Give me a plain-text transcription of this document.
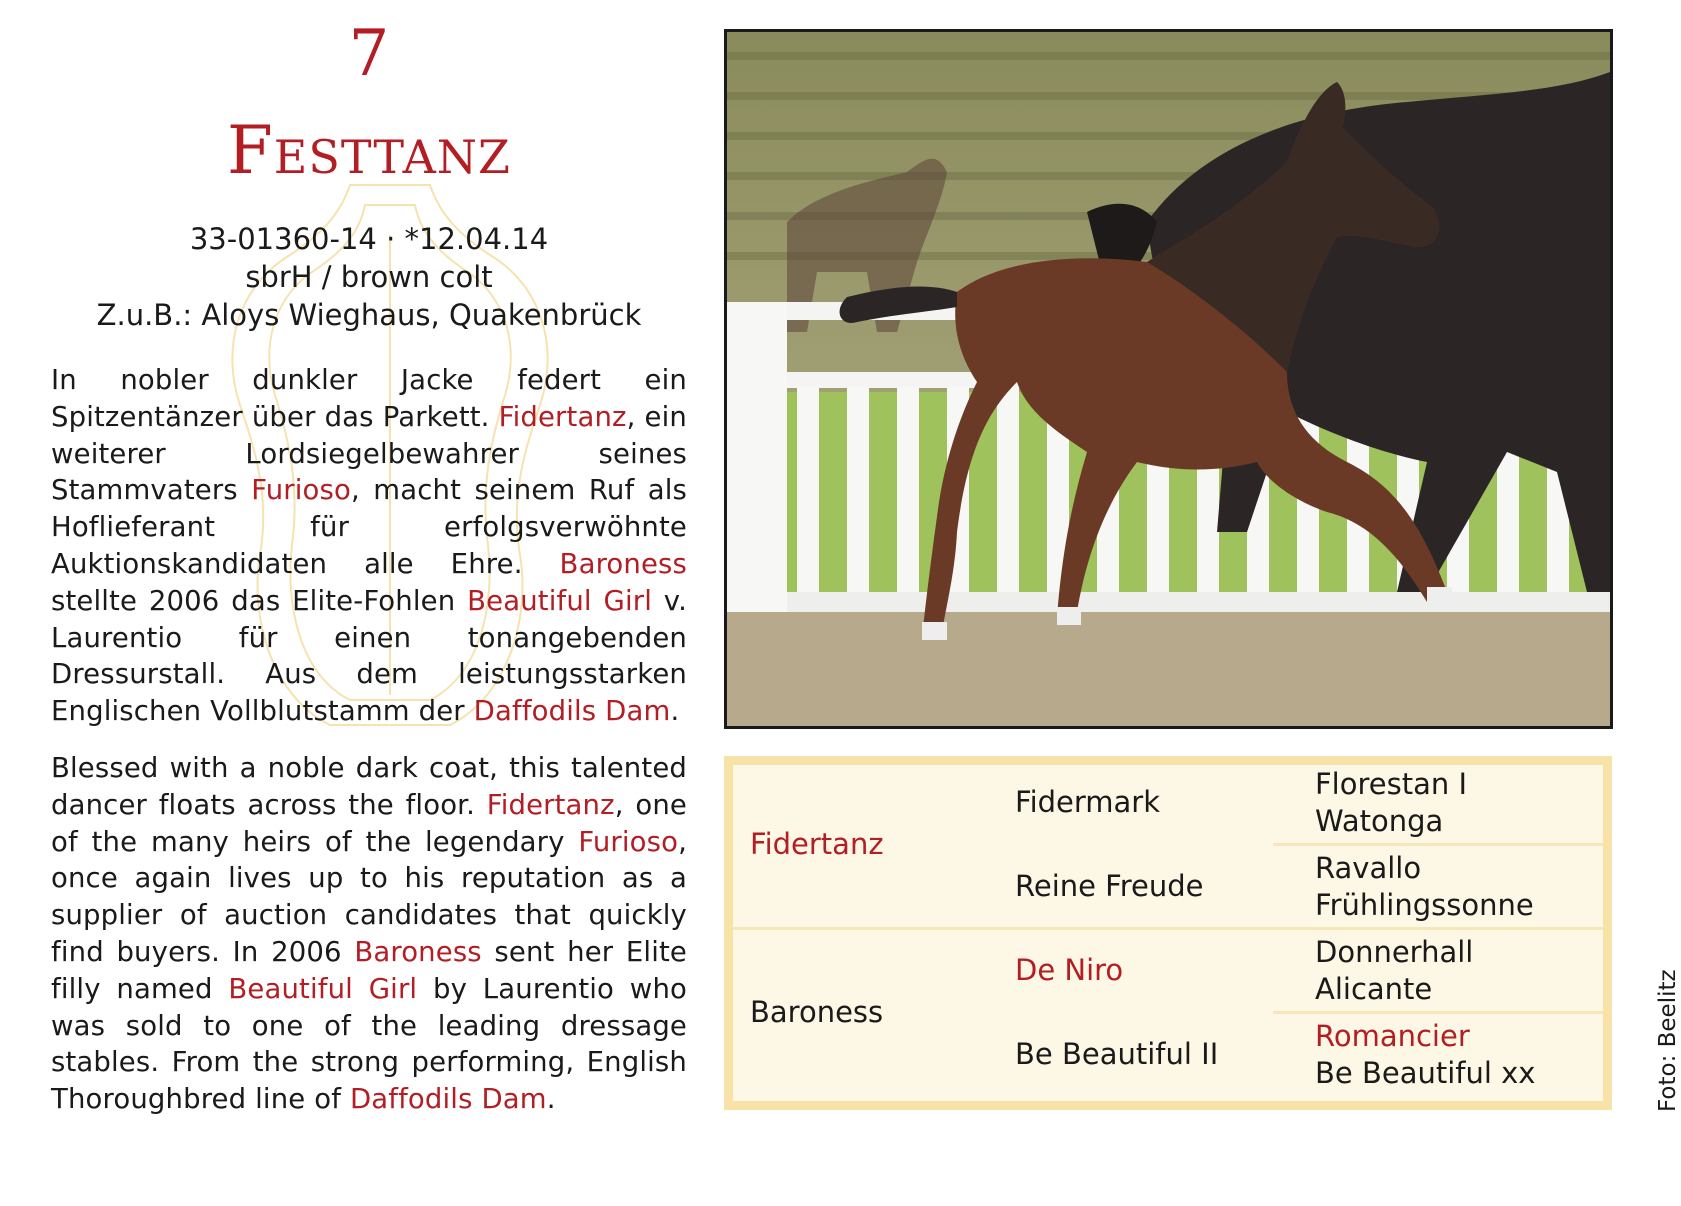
7
Festtanz
33-01360-14 · *12.04.14
sbrH / brown colt
Z.u.B.: Aloys Wieghaus, Quakenbrück
In nobler dunkler Jacke federt ein Spitzentänzer über das Parkett. Fidertanz, ein weiterer Lordsiegelbewahrer seines Stammvaters Furioso, macht seinem Ruf als Hoflieferant für erfolgsverwöhnte Auktionskandidaten alle Ehre. Baroness stellte 2006 das Elite-Fohlen Beautiful Girl v. Laurentio für einen tonangebenden Dressurstall. Aus dem leistungsstarken Englischen Vollblutstamm der Daffodils Dam.
Blessed with a noble dark coat, this talented dancer floats across the floor. Fidertanz, one of the many heirs of the legendary Furioso, once again lives up to his reputation as a supplier of auction candidates that quickly find buyers. In 2006 Baroness sent her Elite filly named Beautiful Girl by Laurentio who was sold to one of the leading dressage stables. From the strong performing, English Thoroughbred line of Daffodils Dam.
Fidertanz
Baroness
Fidermark
Reine Freude
De Niro
Be Beautiful II
Florestan I
Watonga
Ravallo
Frühlingssonne
Donnerhall
Alicante
Romancier
Be Beautiful xx	Foto: Beelitz
